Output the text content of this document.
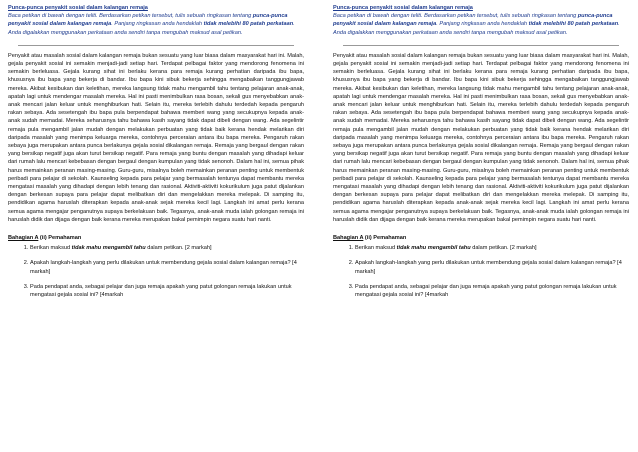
Punca-punca penyakit sosial dalam kalangan remaja
Baca petikan di bawah dengan teliti. Berdasarkan petikan tersebut, tulis sebuah ringkasan tentang punca-punca penyakit sosial dalam kalangan remaja. Panjang ringkasan anda hendaklah tidak melebihi 80 patah perkataan. Anda digalakkan menggunakan perkataan anda sendiri tanpa mengubah maksud asal petikan.
Penyakit atau masalah sosial dalam kalangan remaja bukan sesuatu yang luar biasa dalam masyarakat hari ini. Malah, gejala penyakit sosial ini semakin menjadi-jadi setiap hari. Terdapat pelbagai faktor yang mendorong fenomena ini semakin berleluasa. Gejala kurang sihat ini berlaku kerana para remaja kurang perhatian daripada ibu bapa, khususnya ibu bapa yang bekerja di bandar. Ibu bapa kini sibuk bekerja sehingga mengabaikan tanggungjawab mereka. Akibat kesibukan dan keletihan, mereka langsung tidak mahu mengambil tahu tentang pelajaran anak-anak, apatah lagi untuk mendengar masalah mereka. Hal ini pasti menimbulkan rasa bosan, sekali gus menyebabkan anak-anak mencari jalan keluar untuk menghiburkan hati. Selain itu, mereka terlebih dahulu terdedah kepada pengaruh rakan sebaya. Ada sesetengah ibu bapa pula berpendapat bahawa memberi wang yang secukupnya kepada anak-anak sudah memadai. Mereka seharusnya tahu bahawa kasih sayang tidak dapat dibeli dengan wang. Ada segelintir remaja pula mengambil jalan mudah dengan melakukan perbuatan yang tidak baik kerana hendak melarikan diri daripada masalah yang menimpa keluarga mereka, contohnya perceraian antara ibu bapa mereka. Pengaruh rakan sebaya juga merupakan antara punca berlakunya gejala sosial dikalangan remaja. Remaja yang bergaul dengan rakan yang bersikap negatif juga akan turut bersikap negatif. Para remaja yang buntu dengan masalah yang dihadapi keluar dari rumah lalu mencari kebebasan dengan bergaul dengan kumpulan yang tidak senonoh. Dalam hal ini, semua pihak harus memainkan peranan masing-masing. Guru-guru, misalnya boleh memainkan peranan penting untuk membentuk peribadi para pelajar di sekolah. Kaunseling kepada para pelajar yang bermasalah tentunya dapat membantu mereka mengatasi masalah yang dihadapi dengan lebih tenang dan rasional. Aktiviti-aktiviti kokurikulum juga patut dijalankan dengan berkesan supaya para pelajar dapat melibatkan diri dan mengelakkan mereka melepak. Di samping itu, pendidikan agama haruslah diterapkan kepada anak-anak sejak mereka kecil lagi. Langkah ini amat perlu kerana semua agama mengajar penganutnya supaya berkelakuan baik. Tegasnya, anak-anak muda ialah golongan remaja ini haruslah didik dan dijaga dengan baik kerana mereka merupakan bakal pemimpin negara suatu hari nanti.
Bahagian A (ii) Pemahaman
1. Berikan maksud tidak mahu mengambil tahu dalam petikan. [2 markah]
2. Apakah langkah-langkah yang perlu dilakukan untuk membendung gejala sosial dalam kalangan remaja? [4 markah]
3. Pada pendapat anda, sebagai pelajar dan juga remaja apakah yang patut golongan remaja lakukan untuk mengatasi gejala sosial ini? [4markah
Punca-punca penyakit sosial dalam kalangan remaja
Baca petikan di bawah dengan teliti. Berdasarkan petikan tersebut, tulis sebuah ringkasan tentang punca-punca penyakit sosial dalam kalangan remaja. Panjang ringkasan anda hendaklah tidak melebihi 80 patah perkataan. Anda digalakkan menggunakan perkataan anda sendiri tanpa mengubah maksud asal petikan.
Penyakit atau masalah sosial dalam kalangan remaja bukan sesuatu yang luar biasa dalam masyarakat hari ini. Malah, gejala penyakit sosial ini semakin menjadi-jadi setiap hari. Terdapat pelbagai faktor yang mendorong fenomena ini semakin berleluasa. Gejala kurang sihat ini berlaku kerana para remaja kurang perhatian daripada ibu bapa, khususnya ibu bapa yang bekerja di bandar. Ibu bapa kini sibuk bekerja sehingga mengabaikan tanggungjawab mereka. Akibat kesibukan dan keletihan, mereka langsung tidak mahu mengambil tahu tentang pelajaran anak-anak, apatah lagi untuk mendengar masalah mereka. Hal ini pasti menimbulkan rasa bosan, sekali gus menyebabkan anak-anak mencari jalan keluar untuk menghiburkan hati. Selain itu, mereka terlebih dahulu terdedah kepada pengaruh rakan sebaya. Ada sesetengah ibu bapa pula berpendapat bahawa memberi wang yang secukupnya kepada anak-anak sudah memadai. Mereka seharusnya tahu bahawa kasih sayang tidak dapat dibeli dengan wang. Ada segelintir remaja pula mengambil jalan mudah dengan melakukan perbuatan yang tidak baik kerana hendak melarikan diri daripada masalah yang menimpa keluarga mereka, contohnya perceraian antara ibu bapa mereka. Pengaruh rakan sebaya juga merupakan antara punca berlakunya gejala sosial dikalangan remaja. Remaja yang bergaul dengan rakan yang bersikap negatif juga akan turut bersikap negatif. Para remaja yang buntu dengan masalah yang dihadapi keluar dari rumah lalu mencari kebebasan dengan bergaul dengan kumpulan yang tidak senonoh. Dalam hal ini, semua pihak harus memainkan peranan masing-masing. Guru-guru, misalnya boleh memainkan peranan penting untuk membentuk peribadi para pelajar di sekolah. Kaunseling kepada para pelajar yang bermasalah tentunya dapat membantu mereka mengatasi masalah yang dihadapi dengan lebih tenang dan rasional. Aktiviti-aktiviti kokurikulum juga patut dijalankan dengan berkesan supaya para pelajar dapat melibatkan diri dan mengelakkan mereka melepak. Di samping itu, pendidikan agama haruslah diterapkan kepada anak-anak sejak mereka kecil lagi. Langkah ini amat perlu kerana semua agama mengajar penganutnya supaya berkelakuan baik. Tegasnya, anak-anak muda ialah golongan remaja ini haruslah didik dan dijaga dengan baik kerana mereka merupakan bakal pemimpin negara suatu hari nanti.
Bahagian A (ii) Pemahaman
1. Berikan maksud tidak mahu mengambil tahu dalam petikan. [2 markah]
2. Apakah langkah-langkah yang perlu dilakukan untuk membendung gejala sosial dalam kalangan remaja? [4 markah]
3. Pada pendapat anda, sebagai pelajar dan juga remaja apakah yang patut golongan remaja lakukan untuk mengatasi gejala sosial ini? [4markah
